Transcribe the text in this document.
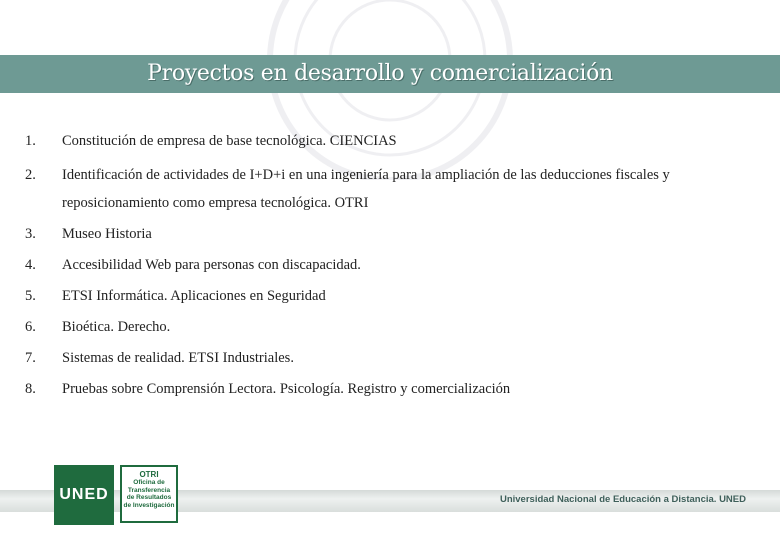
Proyectos en desarrollo y comercialización
1.	Constitución de empresa de base tecnológica. CIENCIAS
2.	Identificación de actividades de I+D+i en una ingeniería para la ampliación de las deducciones fiscales y reposicionamiento como empresa tecnológica. OTRI
3.	Museo Historia
4.	Accesibilidad Web para personas con discapacidad.
5.	ETSI Informática. Aplicaciones en Seguridad
6.	Bioética. Derecho.
7.	Sistemas de realidad. ETSI Industriales.
8.	Pruebas sobre Comprensión Lectora. Psicología. Registro y comercialización
Universidad Nacional de Educación a Distancia. UNED
UNED
OTRI
Oficina de
Transferencia
de Resultados
de Investigación
